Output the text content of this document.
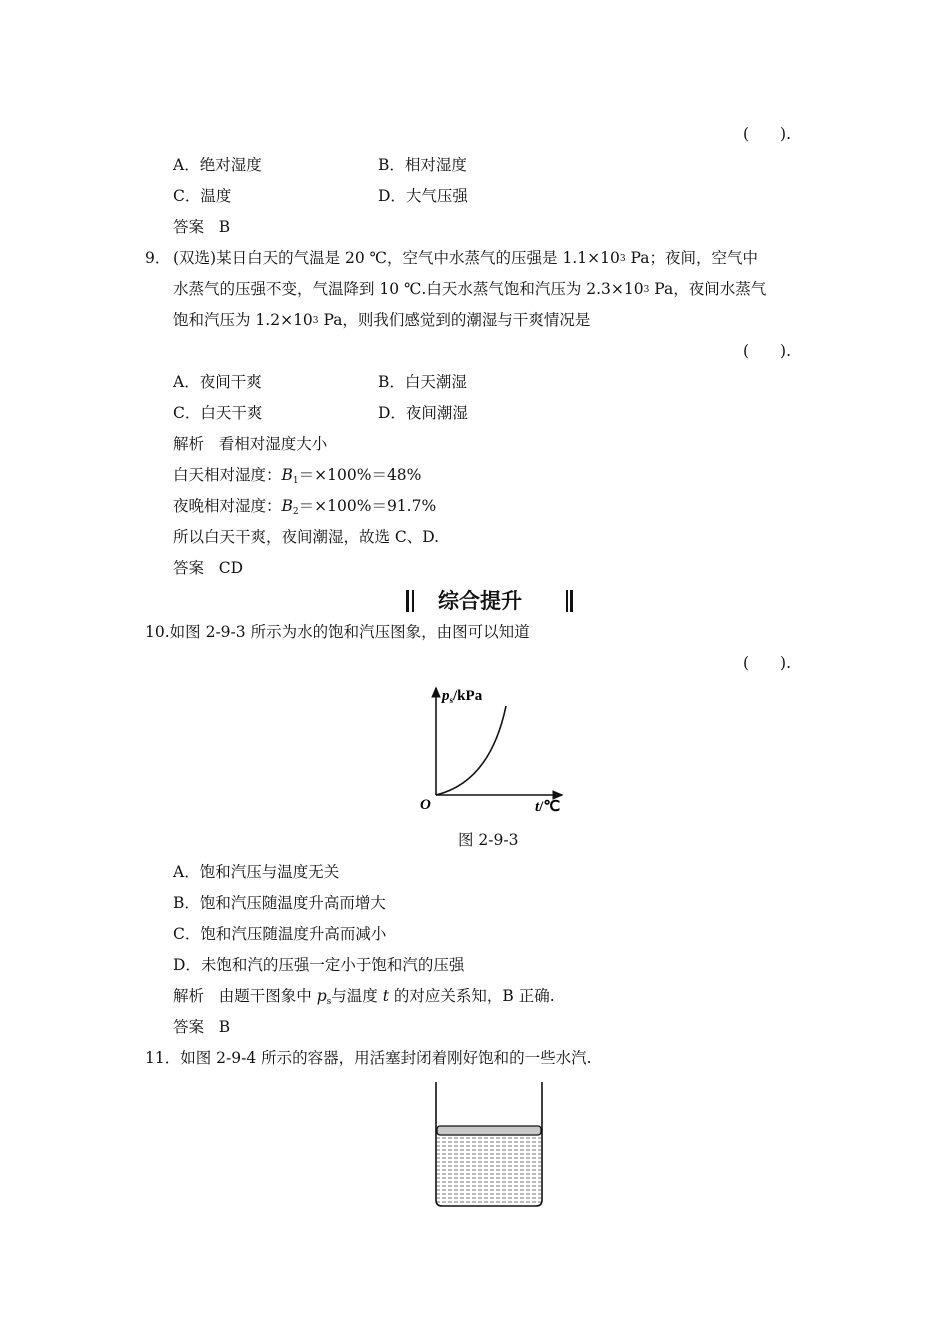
(　　).
A．绝对湿度	B．相对湿度
C．温度	D．大气压强
答案 B
9． (双选)某日白天的气温是 20 ℃，空气中水蒸气的压强是 $1.1\times 10^3$ Pa；夜间，空气中
水蒸气的压强不变，气温降到 10 ℃.白天水蒸气饱和汽压为 $2.3\times 10^3$ Pa，夜间水蒸气
饱和汽压为 $1.2\times 10^3$ Pa，则我们感觉到的潮湿与干爽情况是
(　　).
A．夜间干爽	B．白天潮湿
C．白天干爽	D．夜间潮湿
解析 看相对湿度大小
白天相对湿度：$B_1=\times 100\%=48\%$
夜晚相对湿度：$B_2=\times 100\%=91.7\%$
所以白天干爽，夜间潮湿，故选 C、D.
答案 CD
综合提升
10.如图 2-9-3 所示为水的饱和汽压图象，由图可以知道
(　　).
$p_s$/kPa
O	t/℃
图 2-9-3
A．饱和汽压与温度无关
B．饱和汽压随温度升高而增大
C．饱和汽压随温度升高而减小
D．未饱和汽的压强一定小于饱和汽的压强
解析 由题干图象中 $p_s$与温度 t 的对应关系知，B 正确.
答案 B
11．如图 2-9-4 所示的容器，用活塞封闭着刚好饱和的一些水汽.
